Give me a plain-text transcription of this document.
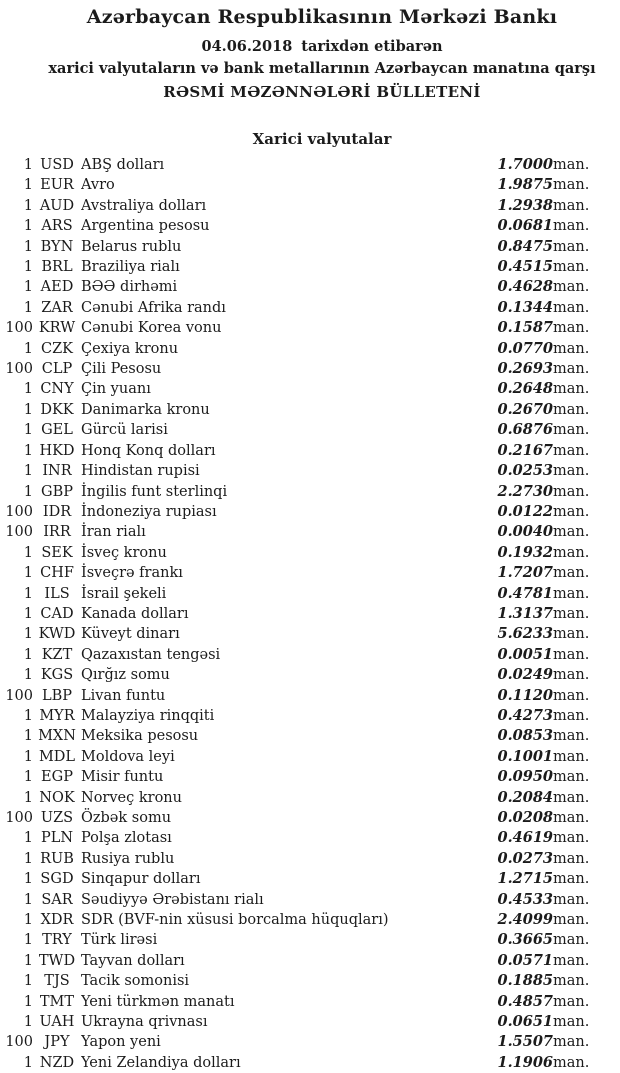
Azərbaycan Respublikasının Mərkəzi Bankı
04.06.2018 tarixdən etibarən
xarici valyutaların və bank metallarının Azərbaycan manatına qarşı
RƏSMİ MƏZƏNNƏLƏRİ BÜLLETENİ
Xarici valyutalar
1	USD	ABŞ dolları	1.7000	man.
1	EUR	Avro	1.9875	man.
1	AUD	Avstraliya dolları	1.2938	man.
1	ARS	Argentina pesosu	0.0681	man.
1	BYN	Belarus rublu	0.8475	man.
1	BRL	Braziliya rialı	0.4515	man.
1	AED	BƏƏ dirhəmi	0.4628	man.
1	ZAR	Cənubi Afrika randı	0.1344	man.
100	KRW	Cənubi Korea vonu	0.1587	man.
1	CZK	Çexiya kronu	0.0770	man.
100	CLP	Çili Pesosu	0.2693	man.
1	CNY	Çin yuanı	0.2648	man.
1	DKK	Danimarka kronu	0.2670	man.
1	GEL	Gürcü larisi	0.6876	man.
1	HKD	Honq Konq dolları	0.2167	man.
1	INR	Hindistan rupisi	0.0253	man.
1	GBP	İngilis funt sterlinqi	2.2730	man.
100	IDR	İndoneziya rupiası	0.0122	man.
100	IRR	İran rialı	0.0040	man.
1	SEK	İsveç kronu	0.1932	man.
1	CHF	İsveçrə frankı	1.7207	man.
1	ILS	İsrail şekeli	0.4781	man.
1	CAD	Kanada dolları	1.3137	man.
1	KWD	Küveyt dinarı	5.6233	man.
1	KZT	Qazaxıstan tengəsi	0.0051	man.
1	KGS	Qırğız somu	0.0249	man.
100	LBP	Livan funtu	0.1120	man.
1	MYR	Malayziya rinqqiti	0.4273	man.
1	MXN	Meksika pesosu	0.0853	man.
1	MDL	Moldova leyi	0.1001	man.
1	EGP	Misir funtu	0.0950	man.
1	NOK	Norveç kronu	0.2084	man.
100	UZS	Özbək somu	0.0208	man.
1	PLN	Polşa zlotası	0.4619	man.
1	RUB	Rusiya rublu	0.0273	man.
1	SGD	Sinqapur dolları	1.2715	man.
1	SAR	Səudiyyə Ərəbistanı rialı	0.4533	man.
1	XDR	SDR (BVF-nin xüsusi borcalma hüquqları)	2.4099	man.
1	TRY	Türk lirəsi	0.3665	man.
1	TWD	Tayvan dolları	0.0571	man.
1	TJS	Tacik somonisi	0.1885	man.
1	TMT	Yeni türkmən manatı	0.4857	man.
1	UAH	Ukrayna qrivnası	0.0651	man.
100	JPY	Yapon yeni	1.5507	man.
1	NZD	Yeni Zelandiya dolları	1.1906	man.
